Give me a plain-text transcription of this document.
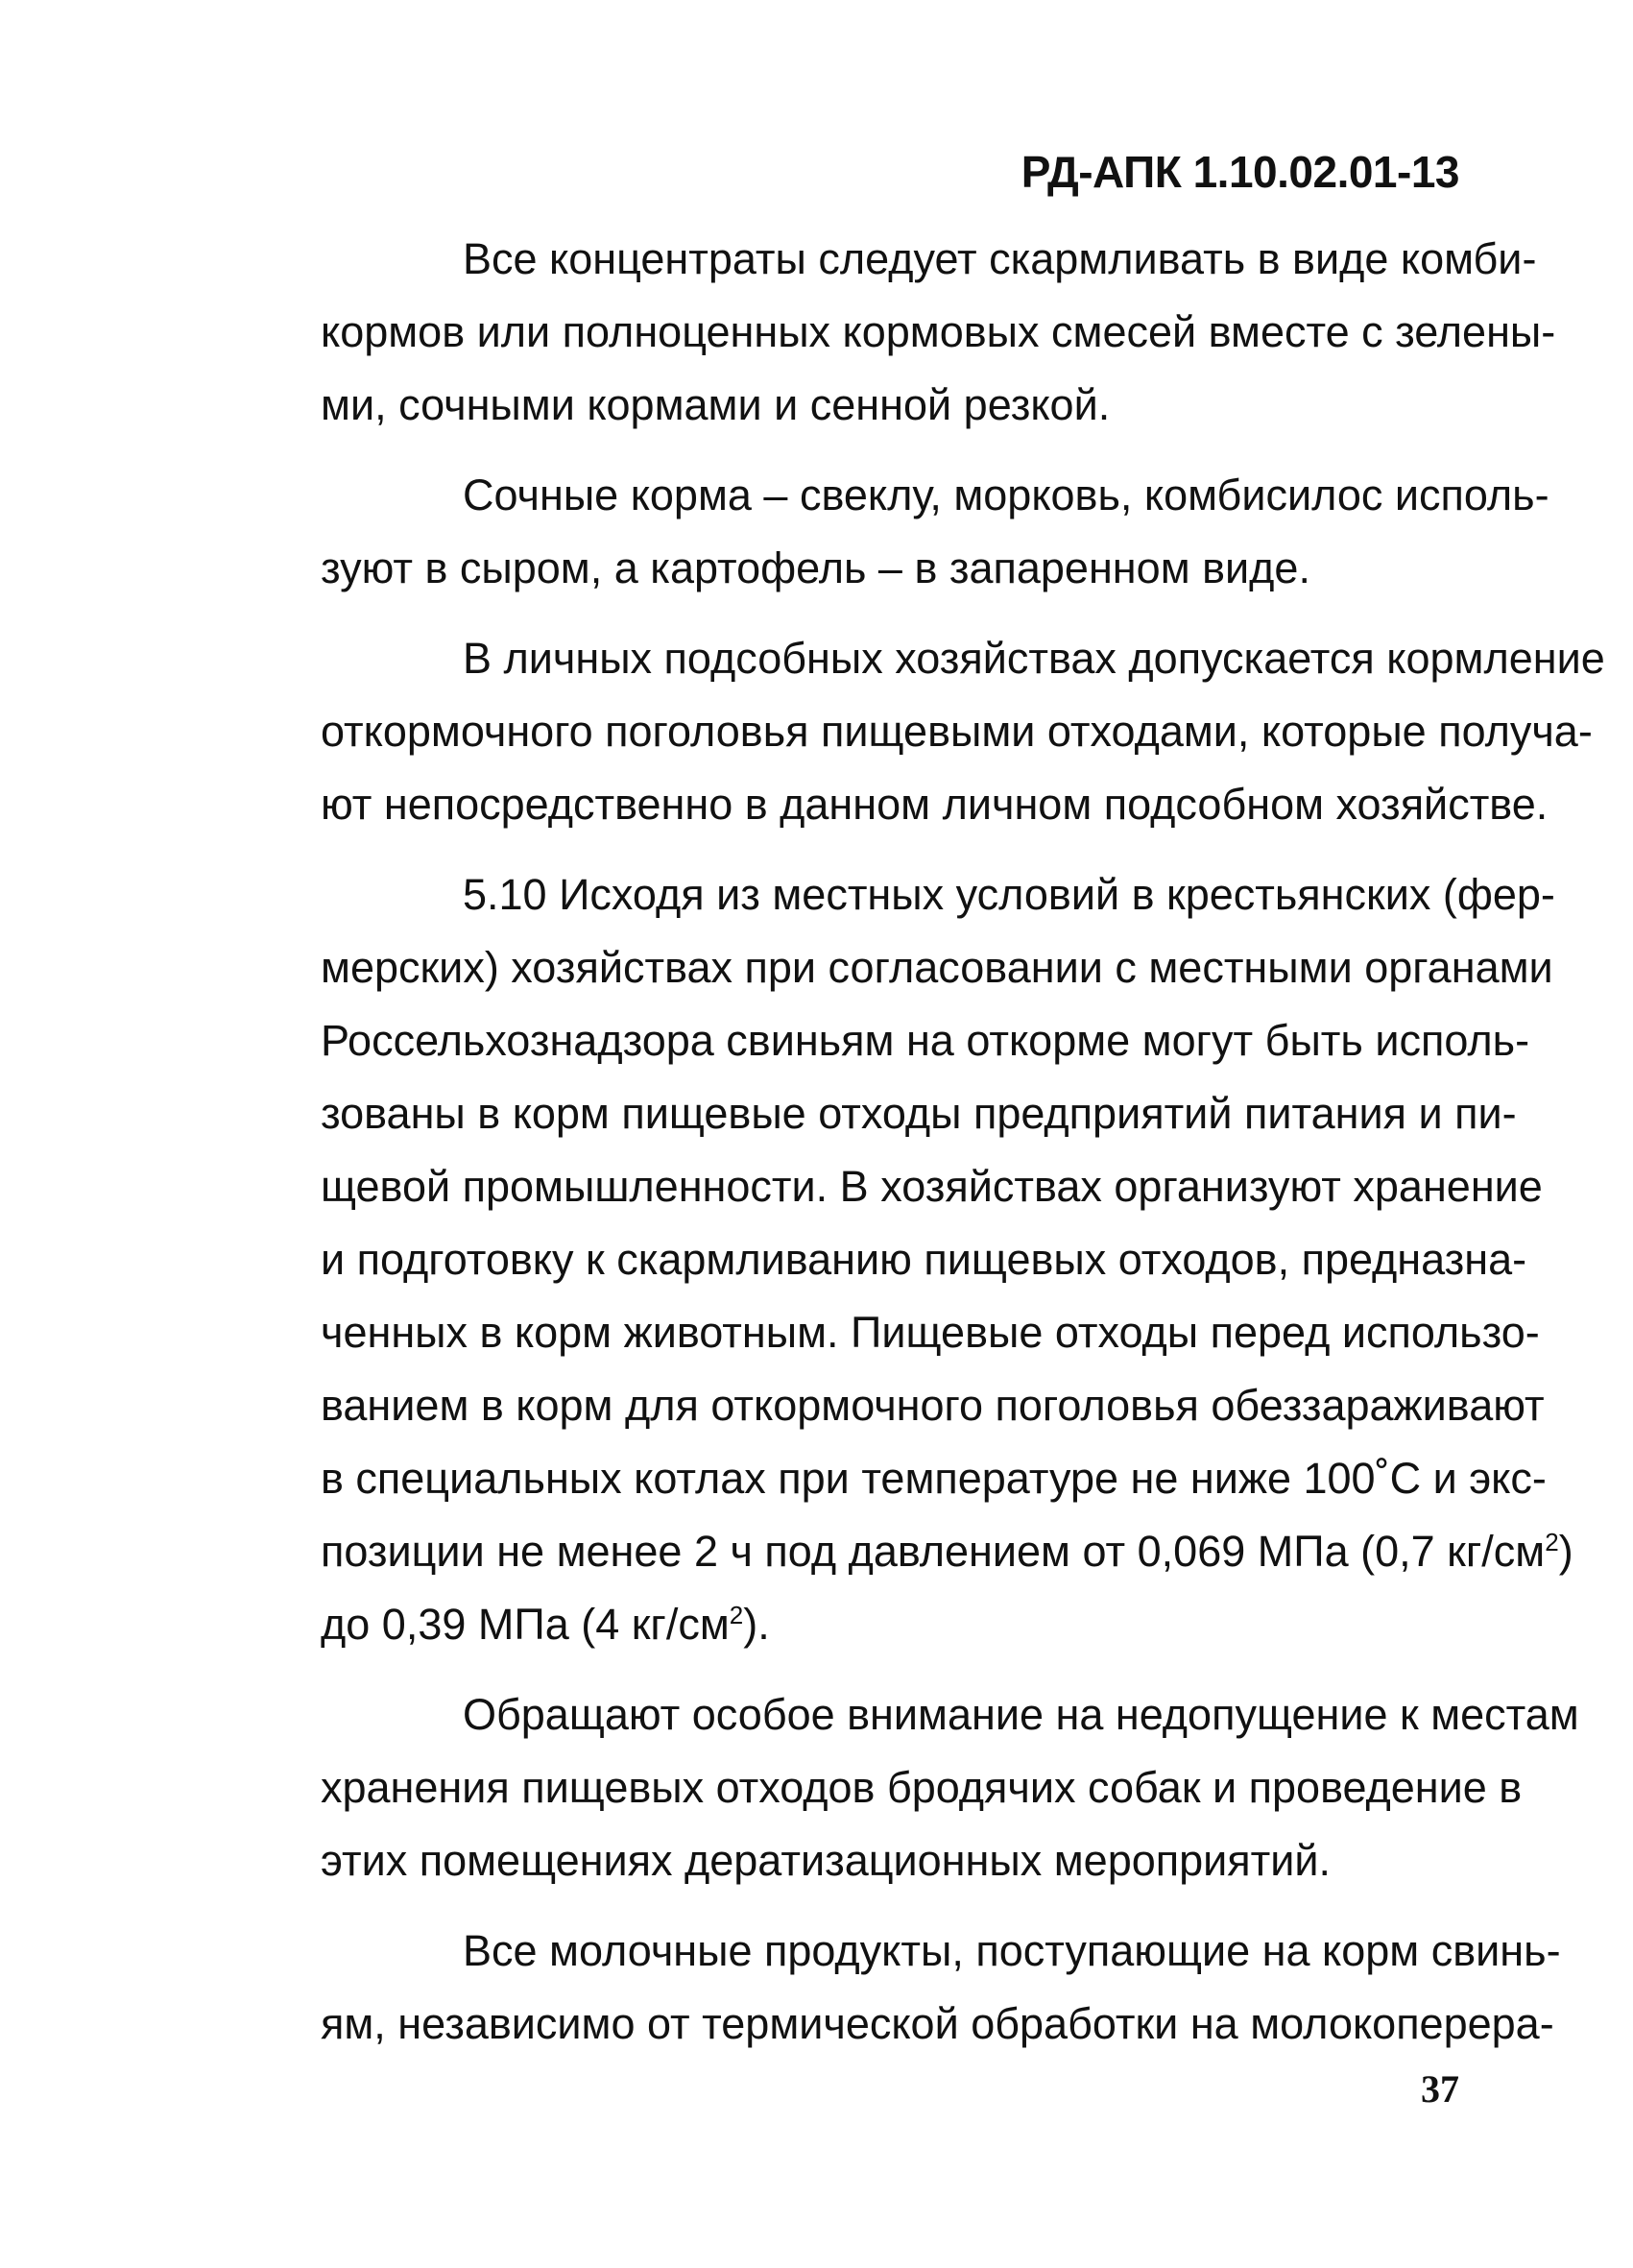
РД-АПК 1.10.02.01-13
Все концентраты следует скармливать в виде комби-
кормов или полноценных кормовых смесей вместе с зелены-
ми, сочными кормами и сенной резкой.
Сочные корма – свеклу, морковь, комбисилос исполь-
зуют в сыром, а картофель – в запаренном виде.
В личных подсобных хозяйствах допускается кормление
откормочного поголовья пищевыми отходами, которые получа-
ют непосредственно в данном личном подсобном хозяйстве.
5.10 Исходя из местных условий в крестьянских (фер-
мерских) хозяйствах при согласовании с местными органами
Россельхознадзора свиньям на откорме могут быть исполь-
зованы в корм пищевые отходы предприятий питания и пи-
щевой промышленности. В хозяйствах организуют хранение
и подготовку к скармливанию пищевых отходов, предназна-
ченных в корм животным. Пищевые отходы перед использо-
ванием в корм для откормочного поголовья обеззараживают
в специальных котлах при температуре не ниже 100˚С и экс-
позиции не менее 2 ч под давлением от 0,069 МПа (0,7 $кг/см^2$)
до 0,39 МПа (4 $кг/см^2$).
Обращают особое внимание на недопущение к местам
хранения пищевых отходов бродячих собак и проведение в
этих помещениях дератизационных мероприятий.
Все молочные продукты, поступающие на корм свинь-
ям, независимо от термической обработки на молокоперера-
37
